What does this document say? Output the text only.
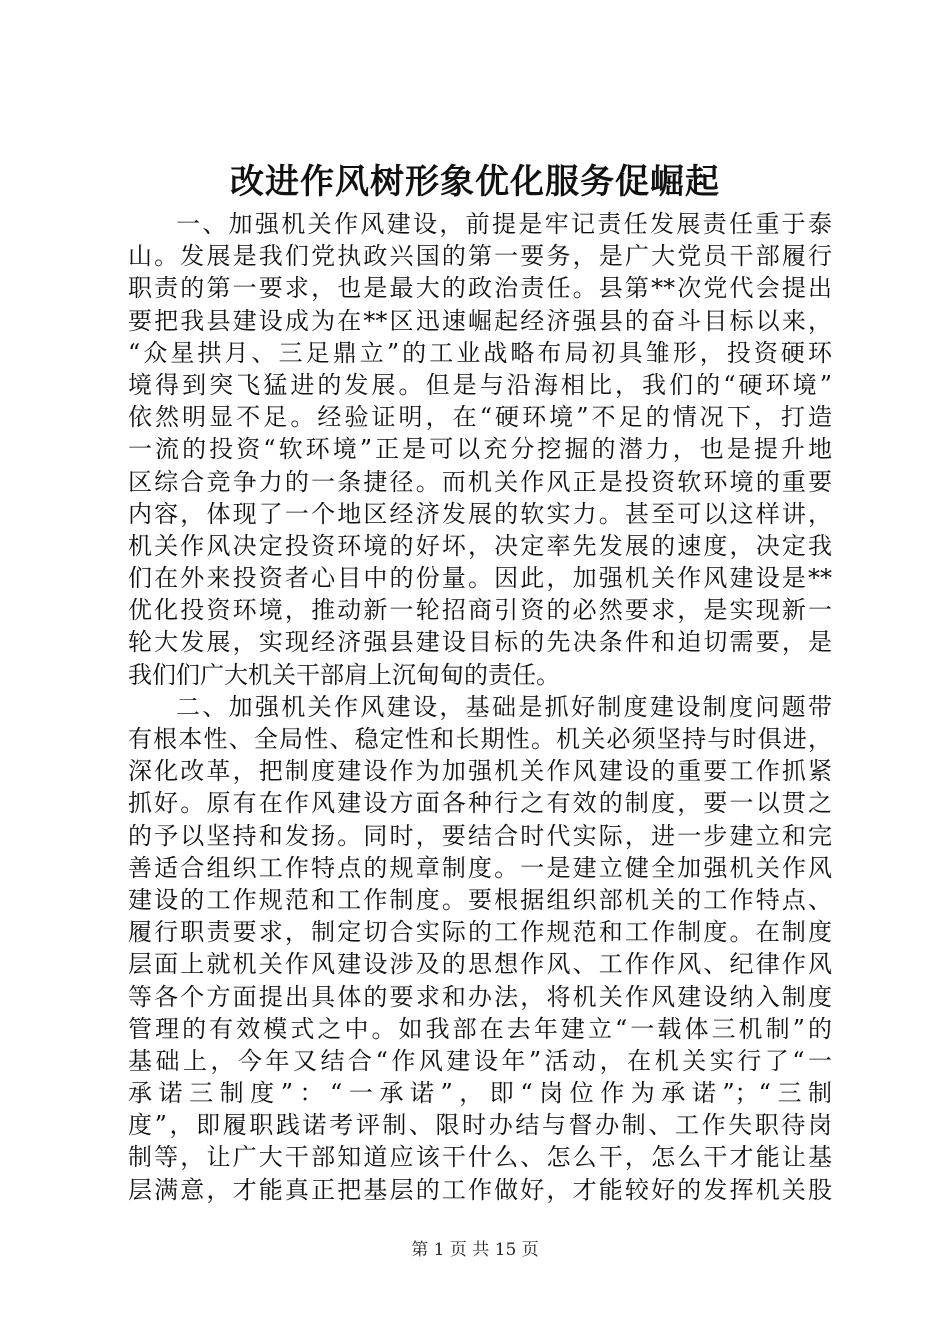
改进作风树形象优化服务促崛起
一、加强机关作风建设，前提是牢记责任发展责任重于泰
山。发展是我们党执政兴国的第一要务，是广大党员干部履行
职责的第一要求，也是最大的政治责任。县第**次党代会提出
要把我县建设成为在**区迅速崛起经济强县的奋斗目标以来，
“众星拱月、三足鼎立”的工业战略布局初具雏形，投资硬环
境得到突飞猛进的发展。但是与沿海相比，我们的“硬环境”
依然明显不足。经验证明，在“硬环境”不足的情况下，打造
一流的投资“软环境”正是可以充分挖掘的潜力，也是提升地
区综合竞争力的一条捷径。而机关作风正是投资软环境的重要
内容，体现了一个地区经济发展的软实力。甚至可以这样讲，
机关作风决定投资环境的好坏，决定率先发展的速度，决定我
们在外来投资者心目中的份量。因此，加强机关作风建设是**
优化投资环境，推动新一轮招商引资的必然要求，是实现新一
轮大发展，实现经济强县建设目标的先决条件和迫切需要，是
我们们广大机关干部肩上沉甸甸的责任。
二、加强机关作风建设，基础是抓好制度建设制度问题带
有根本性、全局性、稳定性和长期性。机关必须坚持与时俱进，
深化改革，把制度建设作为加强机关作风建设的重要工作抓紧
抓好。原有在作风建设方面各种行之有效的制度，要一以贯之
的予以坚持和发扬。同时，要结合时代实际，进一步建立和完
善适合组织工作特点的规章制度。一是建立健全加强机关作风
建设的工作规范和工作制度。要根据组织部机关的工作特点、
履行职责要求，制定切合实际的工作规范和工作制度。在制度
层面上就机关作风建设涉及的思想作风、工作作风、纪律作风
等各个方面提出具体的要求和办法，将机关作风建设纳入制度
管理的有效模式之中。如我部在去年建立“一载体三机制”的
基础上，今年又结合“作风建设年”活动，在机关实行了“一
承诺三制度”：“一承诺”，即“岗位作为承诺”；“三制
度”，即履职践诺考评制、限时办结与督办制、工作失职待岗
制等，让广大干部知道应该干什么、怎么干，怎么干才能让基
层满意，才能真正把基层的工作做好，才能较好的发挥机关股
第 1 页 共 15 页
